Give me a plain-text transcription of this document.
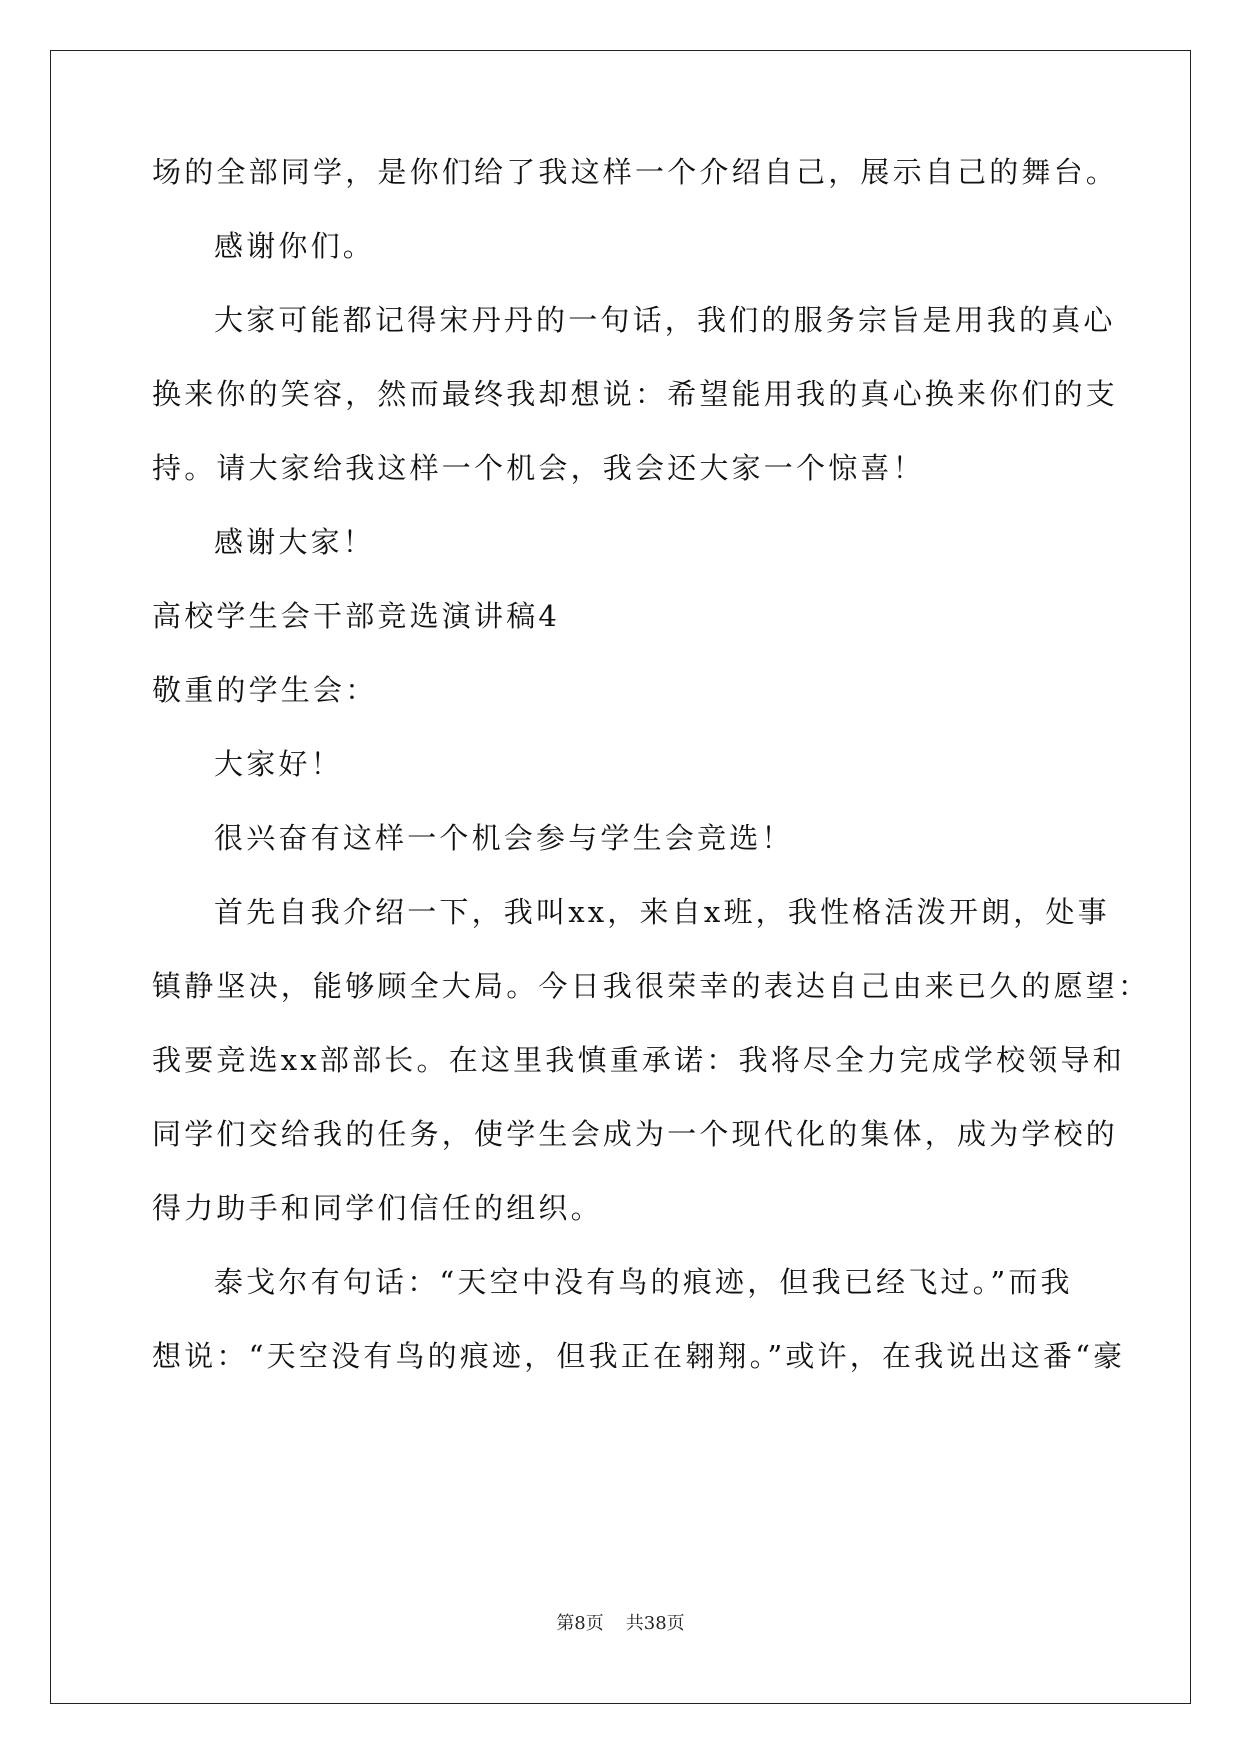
场的全部同学，是你们给了我这样一个介绍自己，展示自己的舞台。
感谢你们。
大家可能都记得宋丹丹的一句话，我们的服务宗旨是用我的真心
换来你的笑容，然而最终我却想说：希望能用我的真心换来你们的支
持。请大家给我这样一个机会，我会还大家一个惊喜！
感谢大家！
高校学生会干部竞选演讲稿4
敬重的学生会：
大家好！
很兴奋有这样一个机会参与学生会竞选！
首先自我介绍一下，我叫xx，来自x班，我性格活泼开朗，处事
镇静坚决，能够顾全大局。今日我很荣幸的表达自己由来已久的愿望：
我要竞选xx部部长。在这里我慎重承诺：我将尽全力完成学校领导和
同学们交给我的任务，使学生会成为一个现代化的集体，成为学校的
得力助手和同学们信任的组织。
泰戈尔有句话：“天空中没有鸟的痕迹，但我已经飞过。”而我
想说：“天空没有鸟的痕迹，但我正在翱翔。”或许，在我说出这番“豪
第8页 共38页
